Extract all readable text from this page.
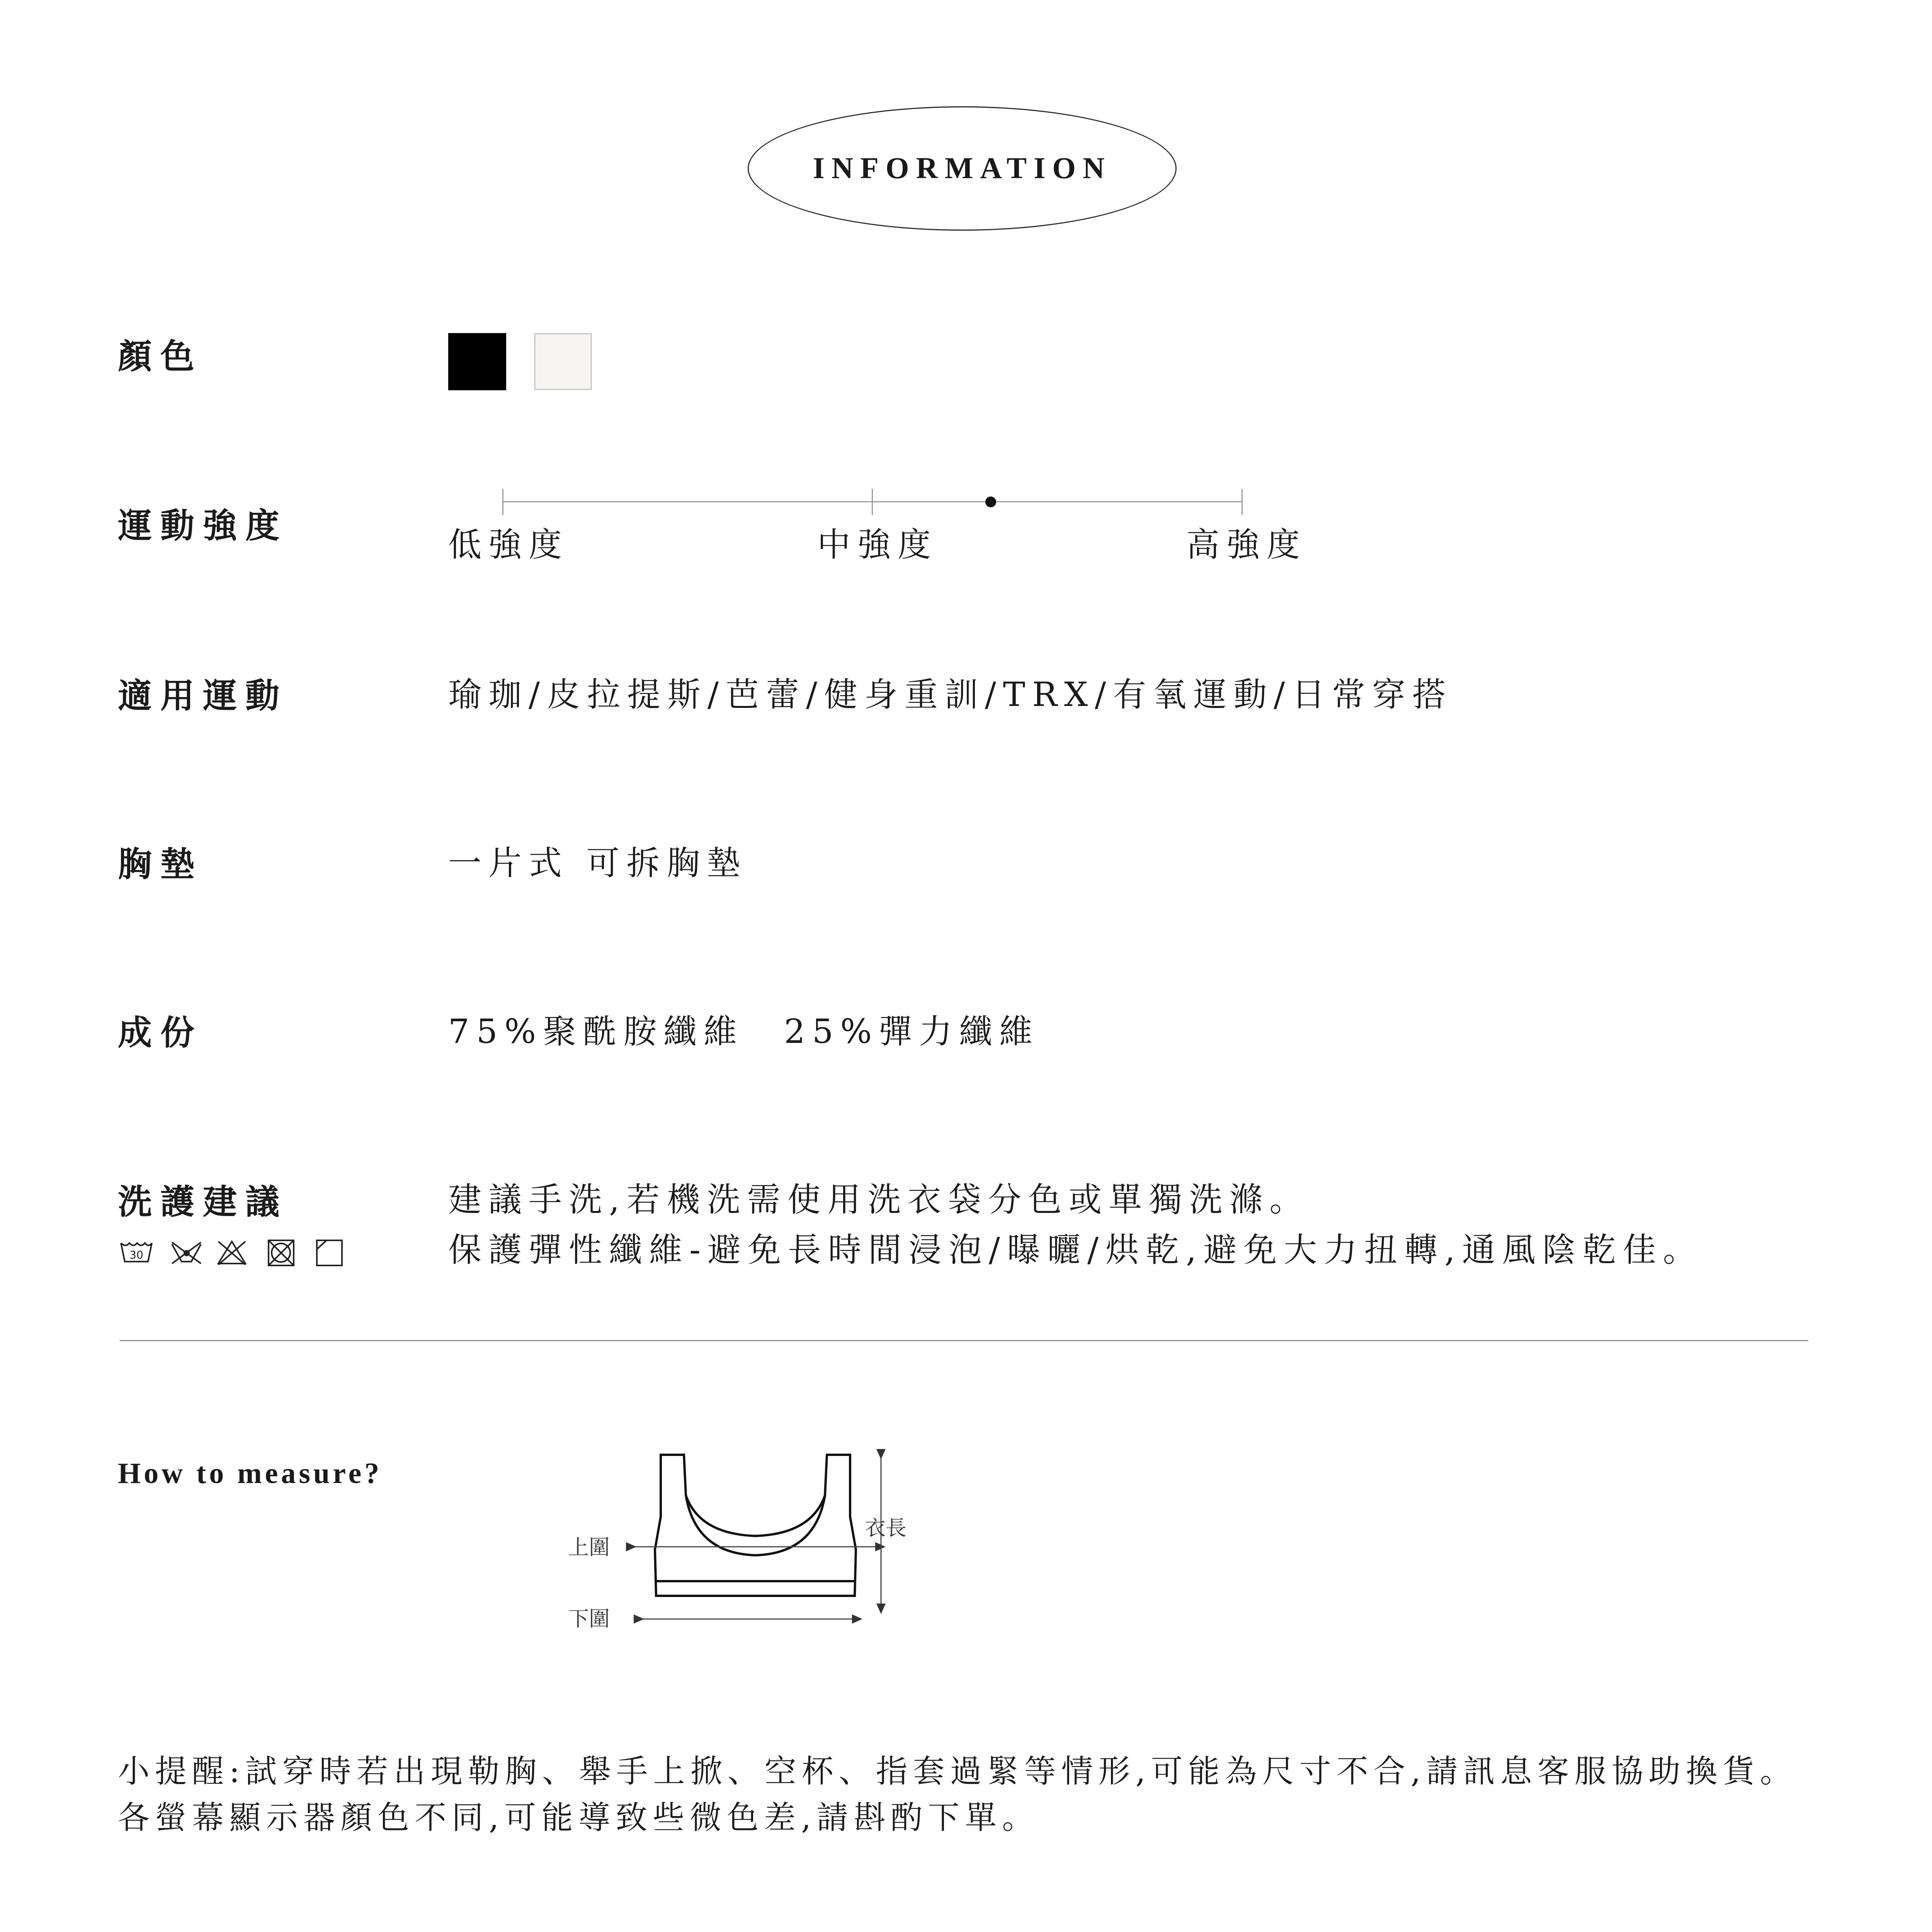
INFORMATION
顏色
運動強度	低強度	中強度	高強度
適用運動	瑜珈/皮拉提斯/芭蕾/健身重訓/TRX/有氧運動/日常穿搭
胸墊	一片式 可拆胸墊
成份	75%聚酰胺纖維　25%彈力纖維
洗護建議	建議手洗,若機洗需使用洗衣袋分色或單獨洗滌。
保護彈性纖維-避免長時間浸泡/曝曬/烘乾,避免大力扭轉,通風陰乾佳。
30
How to measure?
上圍
下圍
衣長
小提醒:試穿時若出現勒胸、舉手上掀、空杯、指套過緊等情形,可能為尺寸不合,請訊息客服協助換貨。
各螢幕顯示器顏色不同,可能導致些微色差,請斟酌下單。
